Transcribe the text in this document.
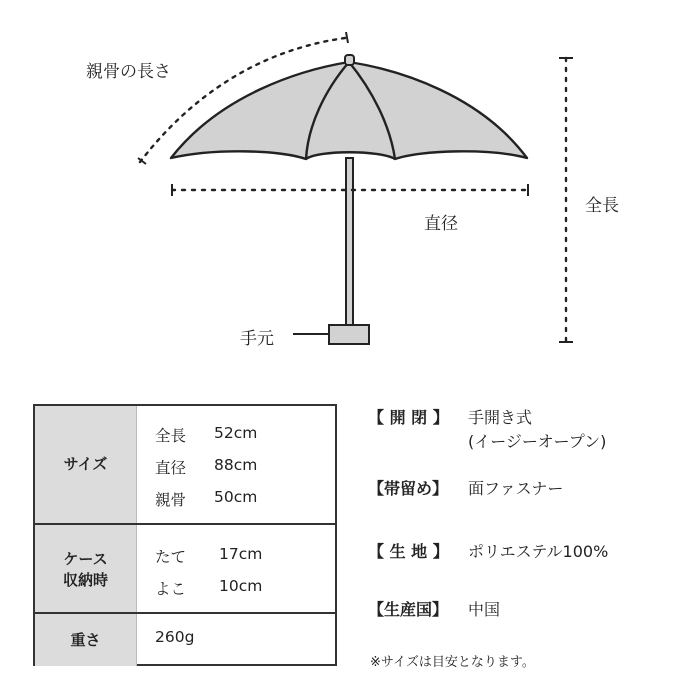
親骨の長さ
直径
全長
手元
サイズ
全長 52cm
直径 88cm
親骨 50cm
ケース
収納時
たて 17cm
よこ 10cm
重さ	260g
【 開 閉 】 手開き式
(イージーオープン)
【帯留め】 面ファスナー
【 生 地 】 ポリエステル100%
【生産国】 中国
※サイズは目安となります。
